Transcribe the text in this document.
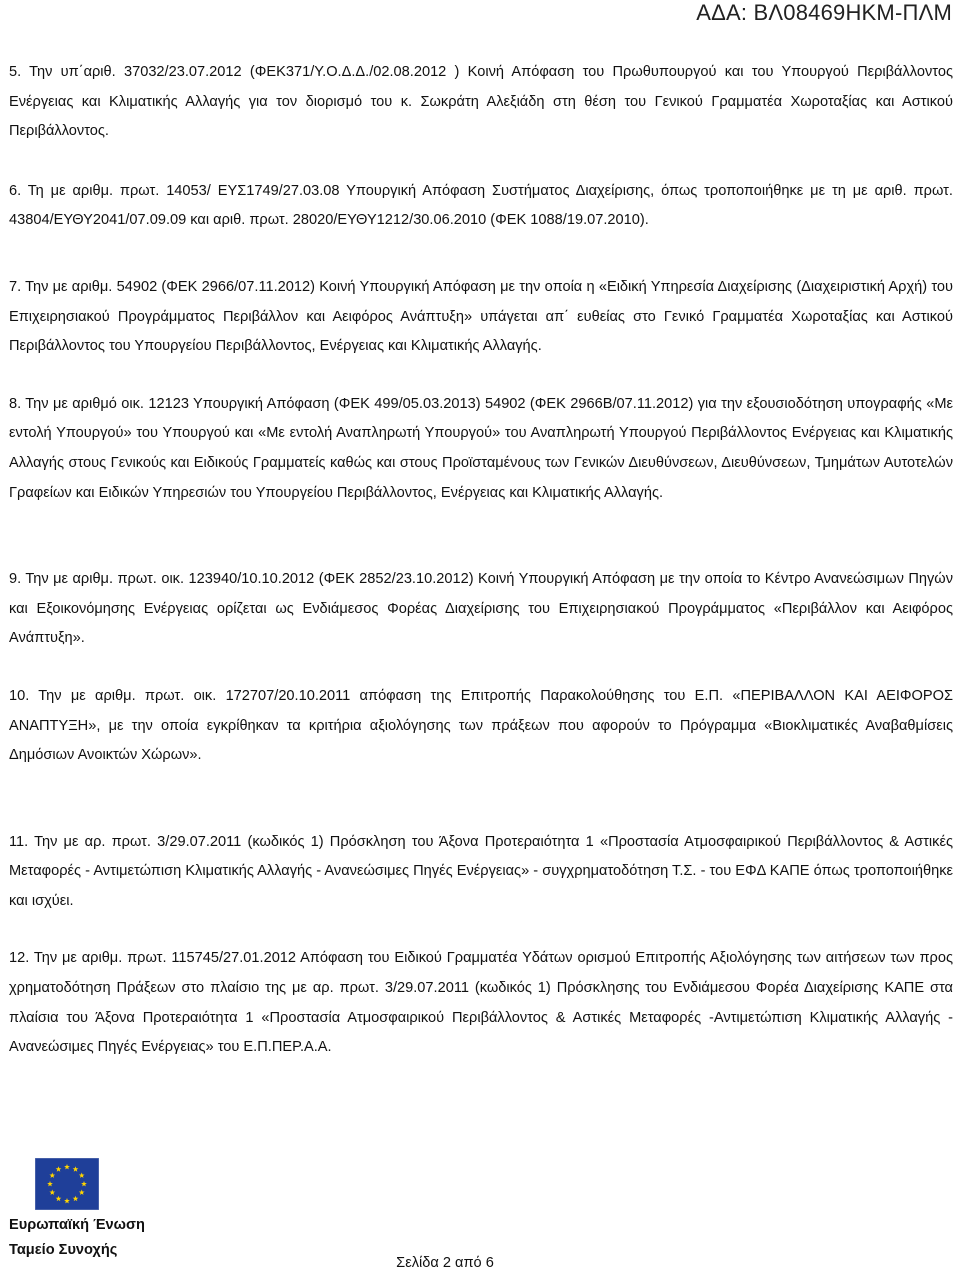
ΑΔΑ: ΒΛ08469ΗΚΜ-ΠΛΜ

5. Την υπ΄αριθ. 37032/23.07.2012 (ΦΕΚ371/Υ.Ο.Δ.Δ./02.08.2012 ) Κοινή Απόφαση του Πρωθυπουργού και του Υπουργού Περιβάλλοντος Ενέργειας και Κλιματικής Αλλαγής για τον διορισμό του κ. Σωκράτη Αλεξιάδη στη θέση του Γενικού Γραμματέα Χωροταξίας και Αστικού Περιβάλλοντος.

6. Τη με αριθμ. πρωτ. 14053/ ΕΥΣ1749/27.03.08 Υπουργική Απόφαση Συστήματος Διαχείρισης, όπως τροποποιήθηκε με τη με αριθ. πρωτ. 43804/ΕΥΘΥ2041/07.09.09 και αριθ. πρωτ. 28020/ΕΥΘΥ1212/30.06.2010 (ΦΕΚ 1088/19.07.2010).

7. Την με αριθμ. 54902 (ΦΕΚ 2966/07.11.2012) Κοινή Υπουργική Απόφαση με την οποία η «Ειδική Υπηρεσία Διαχείρισης (Διαχειριστική Αρχή) του Επιχειρησιακού Προγράμματος Περιβάλλον και Αειφόρος Ανάπτυξη» υπάγεται απ΄ ευθείας στο Γενικό Γραμματέα Χωροταξίας και Αστικού Περιβάλλοντος του Υπουργείου Περιβάλλοντος, Ενέργειας και Κλιματικής Αλλαγής.

8. Την με αριθμό οικ. 12123 Υπουργική Απόφαση (ΦΕΚ 499/05.03.2013) 54902 (ΦΕΚ 2966Β/07.11.2012) για την εξουσιοδότηση υπογραφής «Με εντολή Υπουργού» του Υπουργού και «Με εντολή Αναπληρωτή Υπουργού» του Αναπληρωτή Υπουργού Περιβάλλοντος Ενέργειας και Κλιματικής Αλλαγής στους Γενικούς και Ειδικούς Γραμματείς καθώς και στους Προϊσταμένους των Γενικών Διευθύνσεων, Διευθύνσεων, Τμημάτων Αυτοτελών Γραφείων και Ειδικών Υπηρεσιών του Υπουργείου Περιβάλλοντος, Ενέργειας και Κλιματικής Αλλαγής.

9. Την με αριθμ. πρωτ. οικ. 123940/10.10.2012 (ΦΕΚ 2852/23.10.2012) Κοινή Υπουργική Απόφαση με την οποία το Κέντρο Ανανεώσιμων Πηγών και Εξοικονόμησης Ενέργειας ορίζεται ως Ενδιάμεσος Φορέας Διαχείρισης του Επιχειρησιακού Προγράμματος «Περιβάλλον και Αειφόρος Ανάπτυξη».

10. Την με αριθμ. πρωτ. οικ. 172707/20.10.2011 απόφαση της Επιτροπής Παρακολούθησης του Ε.Π. «ΠΕΡΙΒΑΛΛΟΝ ΚΑΙ ΑΕΙΦΟΡΟΣ ΑΝΑΠΤΥΞΗ», με την οποία εγκρίθηκαν τα κριτήρια αξιολόγησης των πράξεων που αφορούν το Πρόγραμμα «Βιοκλιματικές Αναβαθμίσεις Δημόσιων Ανοικτών Χώρων».

11. Την με αρ. πρωτ. 3/29.07.2011 (κωδικός 1) Πρόσκληση του Άξονα Προτεραιότητα 1 «Προστασία Ατμοσφαιρικού Περιβάλλοντος & Αστικές Μεταφορές - Αντιμετώπιση Κλιματικής Αλλαγής - Ανανεώσιμες Πηγές Ενέργειας» - συγχρηματοδότηση Τ.Σ. - του ΕΦΔ ΚΑΠΕ όπως τροποποιήθηκε και ισχύει.

12. Την με αριθμ. πρωτ. 115745/27.01.2012 Απόφαση του Ειδικού Γραμματέα Υδάτων ορισμού Επιτροπής Αξιολόγησης των αιτήσεων των προς χρηματοδότηση Πράξεων στο πλαίσιο της με αρ. πρωτ. 3/29.07.2011 (κωδικός 1) Πρόσκλησης του Ενδιάμεσου Φορέα Διαχείρισης ΚΑΠΕ στα πλαίσια του Άξονα Προτεραιότητα 1 «Προστασία Ατμοσφαιρικού Περιβάλλοντος & Αστικές Μεταφορές -Αντιμετώπιση Κλιματικής Αλλαγής - Ανανεώσιμες Πηγές Ενέργειας» του Ε.Π.ΠΕΡ.Α.Α.

Ευρωπαϊκή Ένωση
Ταμείο Συνοχής
Σελίδα 2 από 6
